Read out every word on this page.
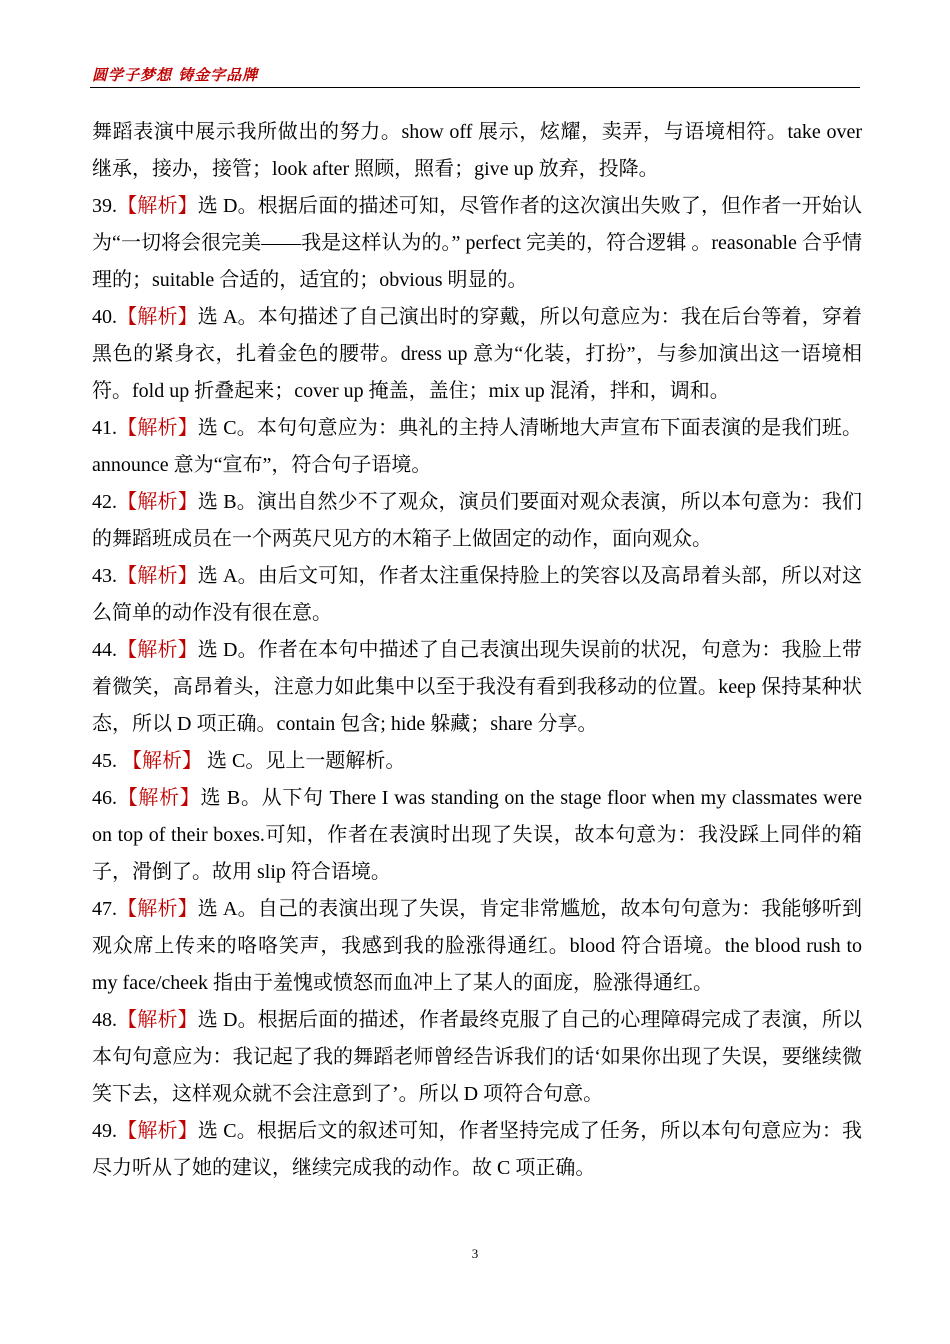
圆学子梦想 铸金字品牌

舞蹈表演中展示我所做出的努力。show off 展示，炫耀，卖弄，与语境相符。take over 继承，接办，接管；look after 照顾，照看；give up 放弃，投降。

39.【解析】选 D。根据后面的描述可知，尽管作者的这次演出失败了，但作者一开始认为“一切将会很完美——我是这样认为的。” perfect 完美的，符合逻辑 。reasonable 合乎情理的；suitable 合适的，适宜的；obvious 明显的。

40.【解析】选 A。本句描述了自己演出时的穿戴，所以句意应为：我在后台等着，穿着黑色的紧身衣，扎着金色的腰带。dress up 意为“化装，打扮”，与参加演出这一语境相符。fold up 折叠起来；cover up 掩盖，盖住；mix up 混淆，拌和，调和。

41.【解析】选 C。本句句意应为：典礼的主持人清晰地大声宣布下面表演的是我们班。announce 意为“宣布”，符合句子语境。

42.【解析】选 B。演出自然少不了观众，演员们要面对观众表演，所以本句意为：我们的舞蹈班成员在一个两英尺见方的木箱子上做固定的动作，面向观众。

43.【解析】选 A。由后文可知，作者太注重保持脸上的笑容以及高昂着头部，所以对这么简单的动作没有很在意。

44.【解析】选 D。作者在本句中描述了自己表演出现失误前的状况，句意为：我脸上带着微笑，高昂着头，注意力如此集中以至于我没有看到我移动的位置。keep 保持某种状态，所以 D 项正确。contain 包含; hide 躲藏；share 分享。

45. 【解析】 选 C。见上一题解析。

46.【解析】选 B。从下句 There I was standing on the stage floor when my classmates were on top of their boxes.可知，作者在表演时出现了失误，故本句意为：我没踩上同伴的箱子，滑倒了。故用 slip 符合语境。

47.【解析】选 A。自己的表演出现了失误，肯定非常尴尬，故本句句意为：我能够听到观众席上传来的咯咯笑声，我感到我的脸涨得通红。blood 符合语境。the blood rush to my face/cheek 指由于羞愧或愤怒而血冲上了某人的面庞，脸涨得通红。

48.【解析】选 D。根据后面的描述，作者最终克服了自己的心理障碍完成了表演，所以本句句意应为：我记起了我的舞蹈老师曾经告诉我们的话‘如果你出现了失误，要继续微笑下去，这样观众就不会注意到了’。所以 D 项符合句意。

49.【解析】选 C。根据后文的叙述可知，作者坚持完成了任务，所以本句句意应为：我尽力听从了她的建议，继续完成我的动作。故 C 项正确。

3
